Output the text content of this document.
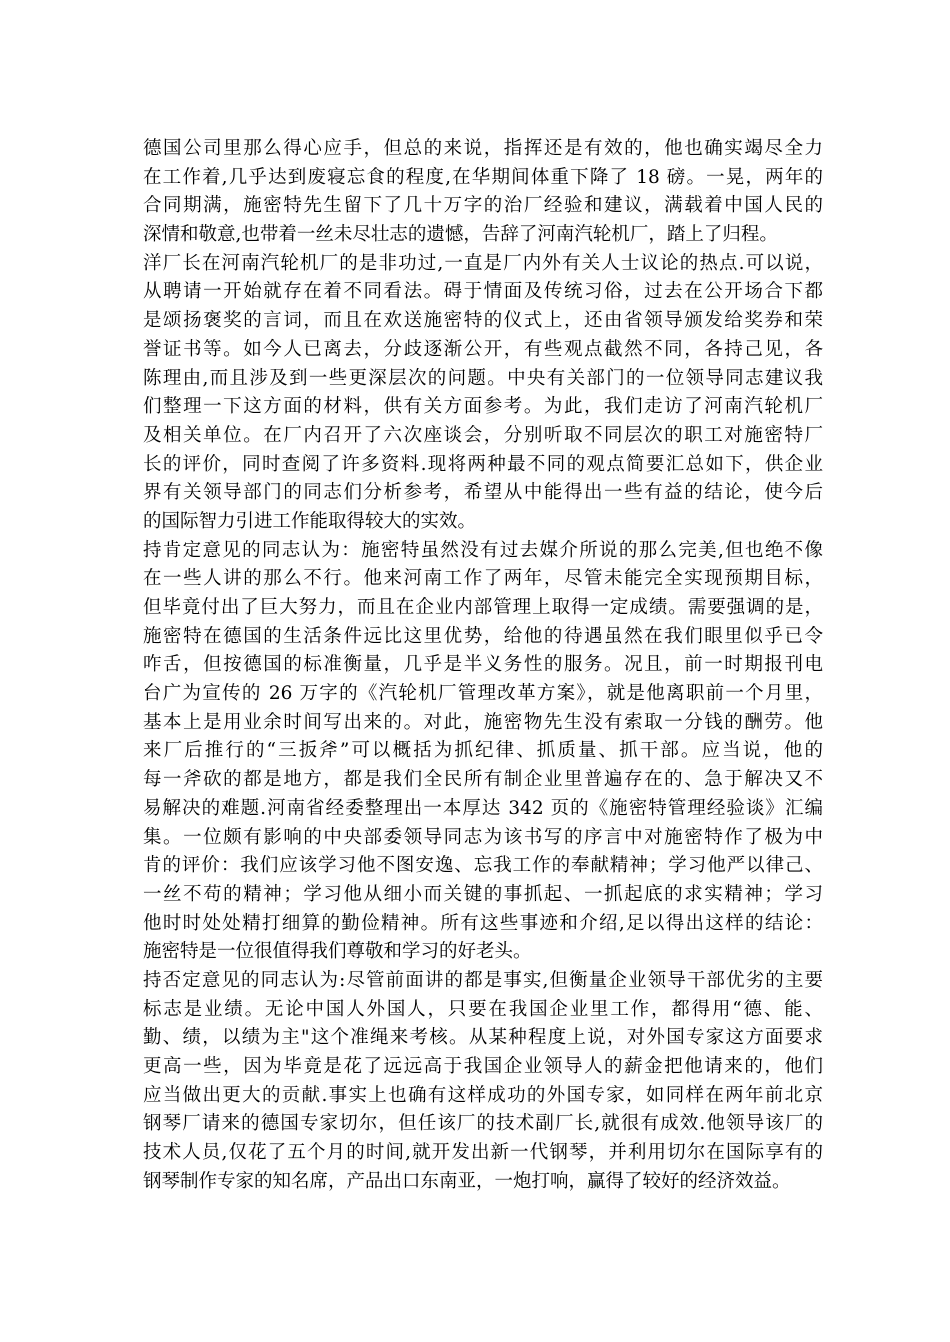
德国公司里那么得心应手，但总的来说，指挥还是有效的，他也确实竭尽全力
在工作着,几乎达到废寝忘食的程度,在华期间体重下降了 18 磅。一晃，两年的
合同期满，施密特先生留下了几十万字的治厂经验和建议，满载着中国人民的
深情和敬意,也带着一丝未尽壮志的遗憾，告辞了河南汽轮机厂，踏上了归程。
洋厂长在河南汽轮机厂的是非功过,一直是厂内外有关人士议论的热点.可以说，
从聘请一开始就存在着不同看法。碍于情面及传统习俗，过去在公开场合下都
是颂扬褒奖的言词，而且在欢送施密特的仪式上，还由省领导颁发给奖券和荣
誉证书等。如今人已离去，分歧逐渐公开，有些观点截然不同，各持己见，各
陈理由,而且涉及到一些更深层次的问题。中央有关部门的一位领导同志建议我
们整理一下这方面的材料，供有关方面参考。为此，我们走访了河南汽轮机厂
及相关单位。在厂内召开了六次座谈会，分别听取不同层次的职工对施密特厂
长的评价，同时查阅了许多资料.现将两种最不同的观点简要汇总如下，供企业
界有关领导部门的同志们分析参考，希望从中能得出一些有益的结论，使今后
的国际智力引进工作能取得较大的实效。
持肯定意见的同志认为：施密特虽然没有过去媒介所说的那么完美,但也绝不像
在一些人讲的那么不行。他来河南工作了两年，尽管未能完全实现预期目标，
但毕竟付出了巨大努力，而且在企业内部管理上取得一定成绩。需要强调的是，
施密特在德国的生活条件远比这里优势，给他的待遇虽然在我们眼里似乎已令
咋舌，但按德国的标准衡量，几乎是半义务性的服务。况且，前一时期报刊电
台广为宣传的 26 万字的《汽轮机厂管理改革方案》，就是他离职前一个月里，
基本上是用业余时间写出来的。对此，施密物先生没有索取一分钱的酬劳。他
来厂后推行的“三扳斧”可以概括为抓纪律、抓质量、抓干部。应当说，他的
每一斧砍的都是地方，都是我们全民所有制企业里普遍存在的、急于解决又不
易解决的难题.河南省经委整理出一本厚达 342 页的《施密特管理经验谈》汇编
集。一位颇有影响的中央部委领导同志为该书写的序言中对施密特作了极为中
肯的评价：我们应该学习他不图安逸、忘我工作的奉献精神；学习他严以律己、
一丝不苟的精神；学习他从细小而关键的事抓起、一抓起底的求实精神；学习
他时时处处精打细算的勤俭精神。所有这些事迹和介绍,足以得出这样的结论：
施密特是一位很值得我们尊敬和学习的好老头。
持否定意见的同志认为:尽管前面讲的都是事实,但衡量企业领导干部优劣的主要
标志是业绩。无论中国人外国人，只要在我国企业里工作，都得用“德、能、
勤、绩，以绩为主"这个准绳来考核。从某种程度上说，对外国专家这方面要求
更高一些，因为毕竟是花了远远高于我国企业领导人的薪金把他请来的，他们
应当做出更大的贡献.事实上也确有这样成功的外国专家，如同样在两年前北京
钢琴厂请来的德国专家切尔，但任该厂的技术副厂长,就很有成效.他领导该厂的
技术人员,仅花了五个月的时间,就开发出新一代钢琴，并利用切尔在国际享有的
钢琴制作专家的知名席，产品出口东南亚，一炮打响，赢得了较好的经济效益。
